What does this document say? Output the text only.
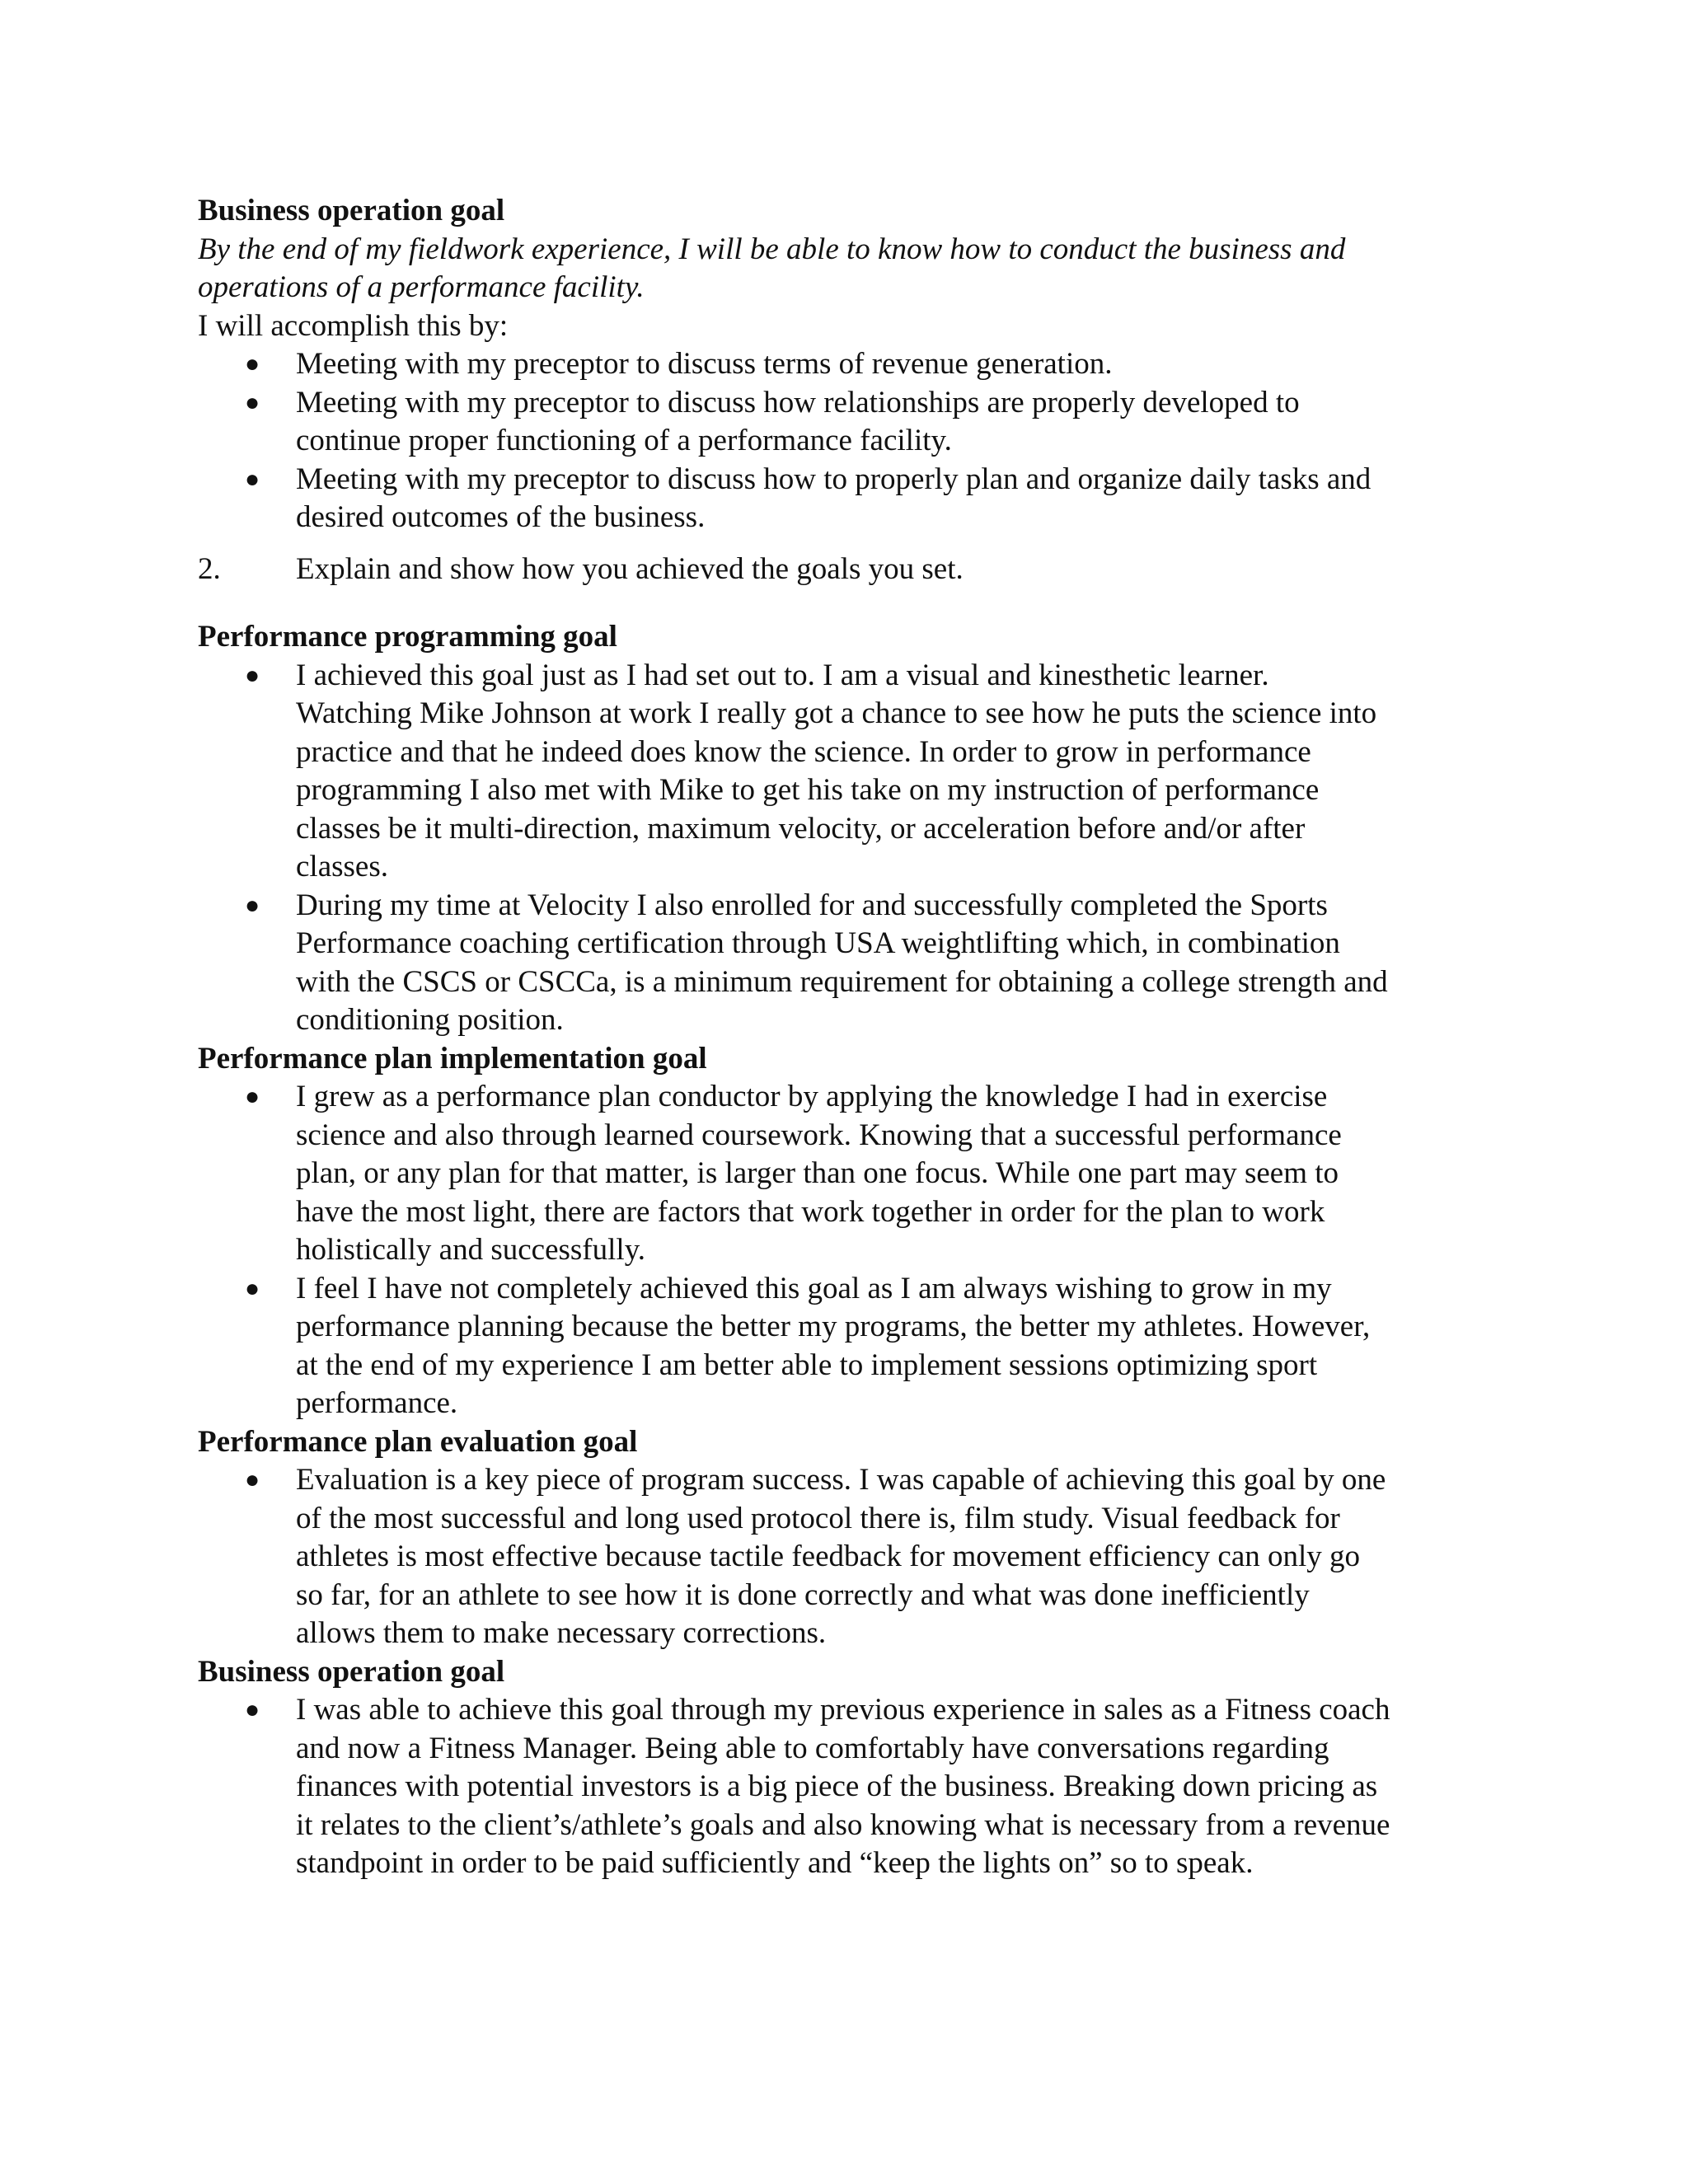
Business operation goal
By the end of my fieldwork experience, I will be able to know how to conduct the business and
operations of a performance facility.
I will accomplish this by:
● Meeting with my preceptor to discuss terms of revenue generation.
● Meeting with my preceptor to discuss how relationships are properly developed to
continue proper functioning of a performance facility.
● Meeting with my preceptor to discuss how to properly plan and organize daily tasks and
desired outcomes of the business.
2. Explain and show how you achieved the goals you set.
Performance programming goal
● I achieved this goal just as I had set out to. I am a visual and kinesthetic learner.
Watching Mike Johnson at work I really got a chance to see how he puts the science into
practice and that he indeed does know the science. In order to grow in performance
programming I also met with Mike to get his take on my instruction of performance
classes be it multi-direction, maximum velocity, or acceleration before and/or after
classes.
● During my time at Velocity I also enrolled for and successfully completed the Sports
Performance coaching certification through USA weightlifting which, in combination
with the CSCS or CSCCa, is a minimum requirement for obtaining a college strength and
conditioning position.
Performance plan implementation goal
● I grew as a performance plan conductor by applying the knowledge I had in exercise
science and also through learned coursework. Knowing that a successful performance
plan, or any plan for that matter, is larger than one focus. While one part may seem to
have the most light, there are factors that work together in order for the plan to work
holistically and successfully.
● I feel I have not completely achieved this goal as I am always wishing to grow in my
performance planning because the better my programs, the better my athletes. However,
at the end of my experience I am better able to implement sessions optimizing sport
performance.
Performance plan evaluation goal
● Evaluation is a key piece of program success. I was capable of achieving this goal by one
of the most successful and long used protocol there is, film study. Visual feedback for
athletes is most effective because tactile feedback for movement efficiency can only go
so far, for an athlete to see how it is done correctly and what was done inefficiently
allows them to make necessary corrections.
Business operation goal
● I was able to achieve this goal through my previous experience in sales as a Fitness coach
and now a Fitness Manager. Being able to comfortably have conversations regarding
finances with potential investors is a big piece of the business. Breaking down pricing as
it relates to the client’s/athlete’s goals and also knowing what is necessary from a revenue
standpoint in order to be paid sufficiently and “keep the lights on” so to speak.
